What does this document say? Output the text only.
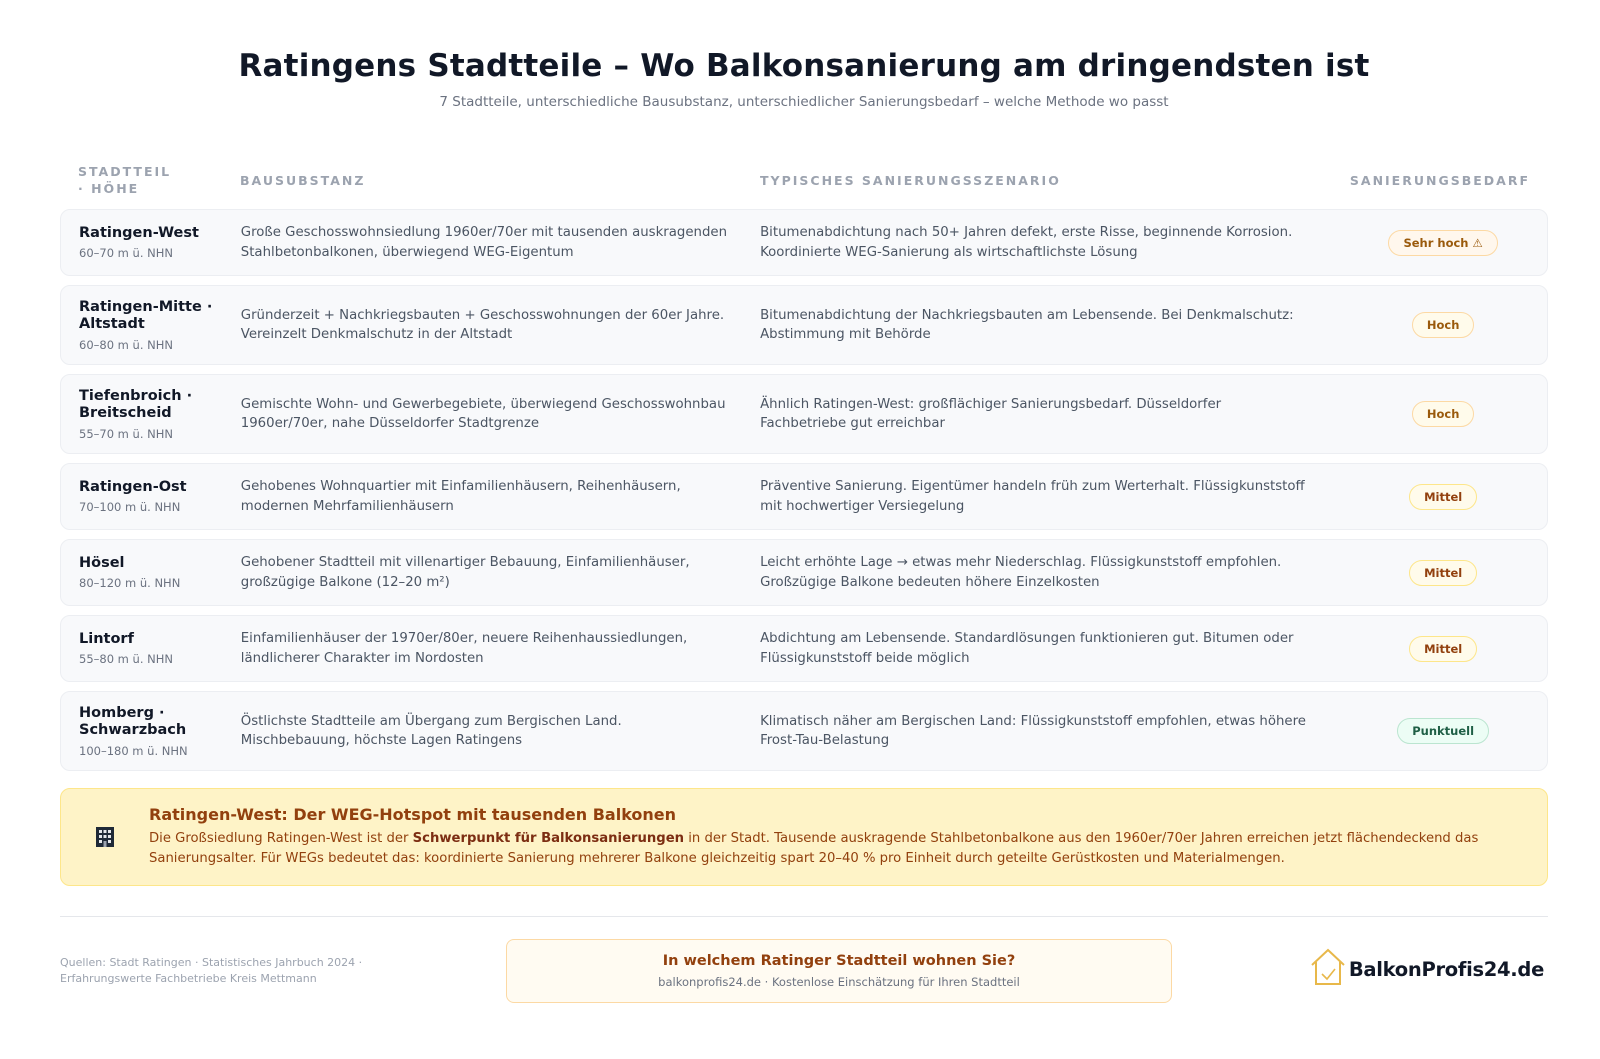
Ratingens Stadtteile – Wo Balkonsanierung am dringendsten ist

7 Stadtteile, unterschiedliche Bausubstanz, unterschiedlicher Sanierungsbedarf – welche Methode wo passt

STADTTEIL · HÖHE
BAUSUBSTANZ	TYPISCHES SANIERUNGSSZENARIO	SANIERUNGSBEDARF
Ratingen-West
60–70 m ü. NHN
Große Geschosswohnsiedlung 1960er/70er mit tausenden auskragenden Stahlbetonbalkonen, überwiegend WEG-Eigentum
Bitumenabdichtung nach 50+ Jahren defekt, erste Risse, beginnende Korrosion. Koordinierte WEG-Sanierung als wirtschaftlichste Lösung
Sehr hoch ⚠
Ratingen-Mitte · Altstadt
60–80 m ü. NHN
Gründerzeit + Nachkriegsbauten + Geschosswohnungen der 60er Jahre. Vereinzelt Denkmalschutz in der Altstadt
Bitumenabdichtung der Nachkriegsbauten am Lebensende. Bei Denkmalschutz: Abstimmung mit Behörde
Hoch
Tiefenbroich · Breitscheid
55–70 m ü. NHN
Gemischte Wohn- und Gewerbegebiete, überwiegend Geschosswohnbau 1960er/70er, nahe Düsseldorfer Stadtgrenze
Ähnlich Ratingen-West: großflächiger Sanierungsbedarf. Düsseldorfer Fachbetriebe gut erreichbar
Hoch
Ratingen-Ost
70–100 m ü. NHN
Gehobenes Wohnquartier mit Einfamilienhäusern, Reihenhäusern, modernen Mehrfamilienhäusern
Präventive Sanierung. Eigentümer handeln früh zum Werterhalt. Flüssigkunststoff mit hochwertiger Versiegelung
Mittel
Hösel
80–120 m ü. NHN
Gehobener Stadtteil mit villenartiger Bebauung, Einfamilienhäuser, großzügige Balkone (12–20 m²)
Leicht erhöhte Lage → etwas mehr Niederschlag. Flüssigkunststoff empfohlen. Großzügige Balkone bedeuten höhere Einzelkosten
Mittel
Lintorf
55–80 m ü. NHN
Einfamilienhäuser der 1970er/80er, neuere Reihenhaussiedlungen, ländlicherer Charakter im Nordosten
Abdichtung am Lebensende. Standardlösungen funktionieren gut. Bitumen oder Flüssigkunststoff beide möglich
Mittel
Homberg · Schwarzbach
100–180 m ü. NHN
Östlichste Stadtteile am Übergang zum Bergischen Land. Mischbebauung, höchste Lagen Ratingens
Klimatisch näher am Bergischen Land: Flüssigkunststoff empfohlen, etwas höhere Frost-Tau-Belastung
Punktuell
Ratingen-West: Der WEG-Hotspot mit tausenden Balkonen

Die Großsiedlung Ratingen-West ist der Schwerpunkt für Balkonsanierungen in der Stadt. Tausende auskragende Stahlbetonbalkone aus den 1960er/70er Jahren erreichen jetzt flächendeckend das Sanierungsalter. Für WEGs bedeutet das: koordinierte Sanierung mehrerer Balkone gleichzeitig spart 20–40 % pro Einheit durch geteilte Gerüstkosten und Materialmengen.

Quellen: Stadt Ratingen · Statistisches Jahrbuch 2024 ·
Erfahrungswerte Fachbetriebe Kreis Mettmann
In welchem Ratinger Stadtteil wohnen Sie?
balkonprofis24.de · Kostenlose Einschätzung für Ihren Stadtteil
BalkonProfis24.de
